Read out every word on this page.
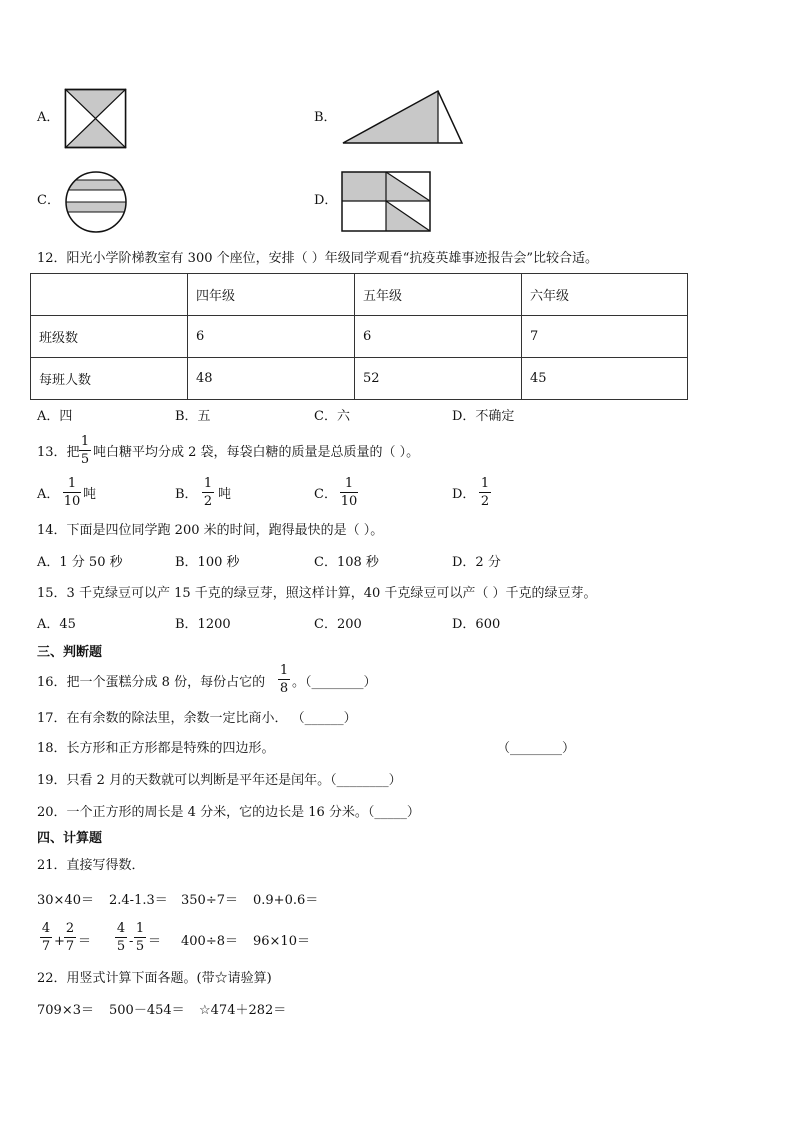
A．	B．
C．	D．
12．阳光小学阶梯教室有 300 个座位，安排（ ）年级同学观看“抗疫英雄事迹报告会”比较合适。
	四年级	五年级	六年级
班级数	6	6	7
每班人数	48	52	45
A．四	B．五	C．六	D．不确定
13．把
1
5 吨白糖平均分成 2 袋，每袋白糖的质量是总质量的（ ）。
A．
1
10 吨	B．
1
2 吨	C．
1
10	D．
1
2
14．下面是四位同学跑 200 米的时间，跑得最快的是（ ）。
A．1 分 50 秒	B．100 秒	C．108 秒	D．2 分
15．3 千克绿豆可以产 15 千克的绿豆芽，照这样计算，40 千克绿豆可以产（ ）千克的绿豆芽。
A．45	B．1200	C．200	D．600
三、判断题
16．把一个蛋糕分成 8 份，每份占它的
1
8 。（________）
17．在有余数的除法里，余数一定比商小． （______）
18．长方形和正方形都是特殊的四边形。	（________）
19．只看 2 月的天数就可以判断是平年还是闰年。（________）
20．一个正方形的周长是 4 分米，它的边长是 16 分米。（_____）
四、计算题
21．直接写得数．
30×40＝ 2.4-1.3＝ 350÷7＝ 0.9+0.6＝
4
7 +
2
7 ＝
4
5 -
1
5 ＝ 400÷8＝ 96×10＝
22．用竖式计算下面各题。(带☆请验算)
709×3＝ 500－454＝ ☆474＋282＝
